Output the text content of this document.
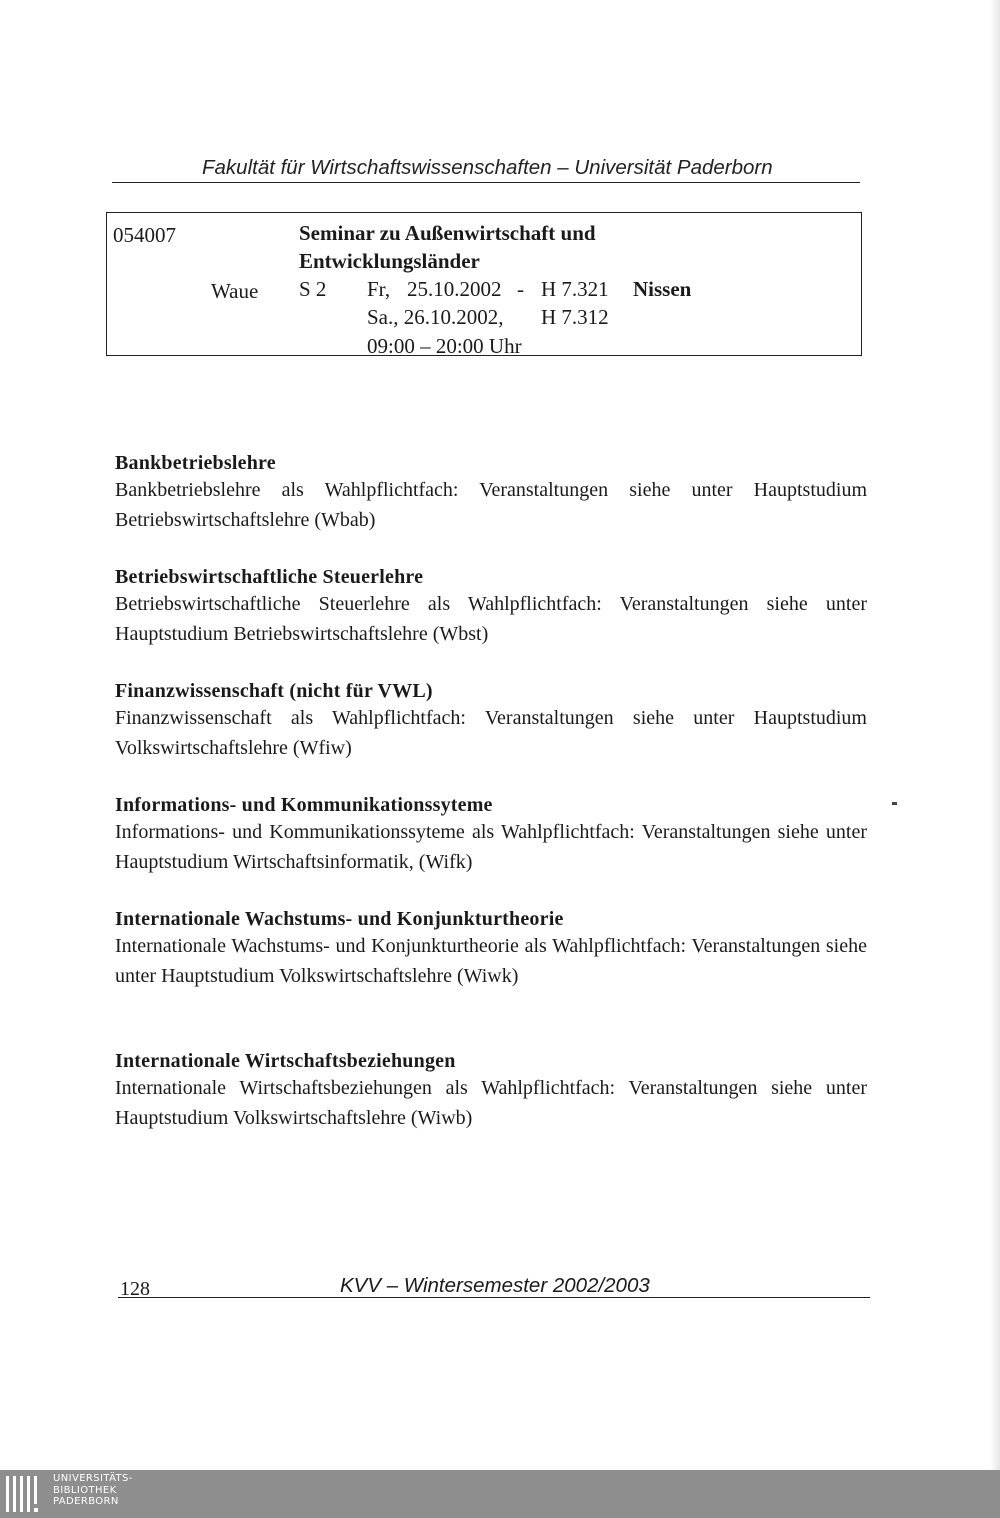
Fakultät für Wirtschaftswissenschaften – Universität Paderborn
054007	Seminar zu Außenwirtschaft und
Entwicklungsländer
Waue S 2 Fr, 25.10.2002 - H 7.321 Nissen
Sa., 26.10.2002, H 7.312
09:00 – 20:00 Uhr
Bankbetriebslehre
Bankbetriebslehre als Wahlpflichtfach: Veranstaltungen siehe unter Hauptstudium Betriebswirtschaftslehre (Wbab)
Betriebswirtschaftliche Steuerlehre
Betriebswirtschaftliche Steuerlehre als Wahlpflichtfach: Veranstaltungen siehe unter Hauptstudium Betriebswirtschaftslehre (Wbst)
Finanzwissenschaft (nicht für VWL)
Finanzwissenschaft als Wahlpflichtfach: Veranstaltungen siehe unter Hauptstudium Volkswirtschaftslehre (Wfiw)
Informations- und Kommunikationssyteme
Informations- und Kommunikationssyteme als Wahlpflichtfach: Veranstaltungen siehe unter Hauptstudium Wirtschaftsinformatik, (Wifk)
Internationale Wachstums- und Konjunkturtheorie
Internationale Wachstums- und Konjunkturtheorie als Wahlpflichtfach: Veranstaltungen siehe unter Hauptstudium Volkswirtschaftslehre (Wiwk)
Internationale Wirtschaftsbeziehungen
Internationale Wirtschaftsbeziehungen als Wahlpflichtfach: Veranstaltungen siehe unter Hauptstudium Volkswirtschaftslehre (Wiwb)
128	KVV – Wintersemester 2002/2003
UNIVERSITÄTS-
BIBLIOTHEK
PADERBORN
